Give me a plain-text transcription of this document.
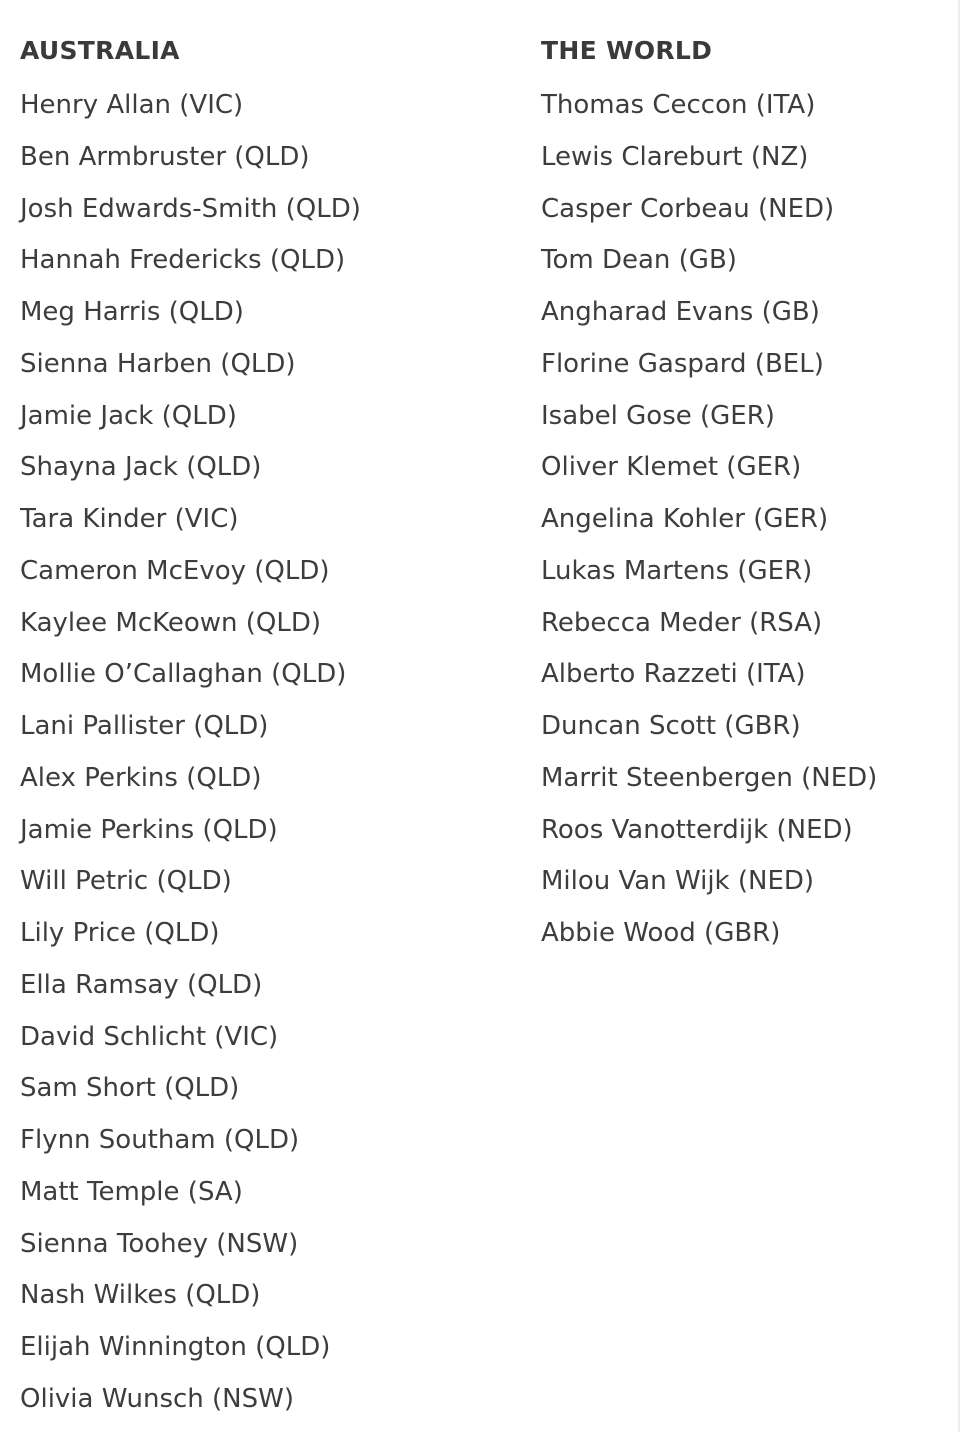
AUSTRALIA
Henry Allan (VIC)
Ben Armbruster (QLD)
Josh Edwards-Smith (QLD)
Hannah Fredericks (QLD)
Meg Harris (QLD)
Sienna Harben (QLD)
Jamie Jack (QLD)
Shayna Jack (QLD)
Tara Kinder (VIC)
Cameron McEvoy (QLD)
Kaylee McKeown (QLD)
Mollie O’Callaghan (QLD)
Lani Pallister (QLD)
Alex Perkins (QLD)
Jamie Perkins (QLD)
Will Petric (QLD)
Lily Price (QLD)
Ella Ramsay (QLD)
David Schlicht (VIC)
Sam Short (QLD)
Flynn Southam (QLD)
Matt Temple (SA)
Sienna Toohey (NSW)
Nash Wilkes (QLD)
Elijah Winnington (QLD)
Olivia Wunsch (NSW)
THE WORLD
Thomas Ceccon (ITA)
Lewis Clareburt (NZ)
Casper Corbeau (NED)
Tom Dean (GB)
Angharad Evans (GB)
Florine Gaspard (BEL)
Isabel Gose (GER)
Oliver Klemet (GER)
Angelina Kohler (GER)
Lukas Martens (GER)
Rebecca Meder (RSA)
Alberto Razzeti (ITA)
Duncan Scott (GBR)
Marrit Steenbergen (NED)
Roos Vanotterdijk (NED)
Milou Van Wijk (NED)
Abbie Wood (GBR)
